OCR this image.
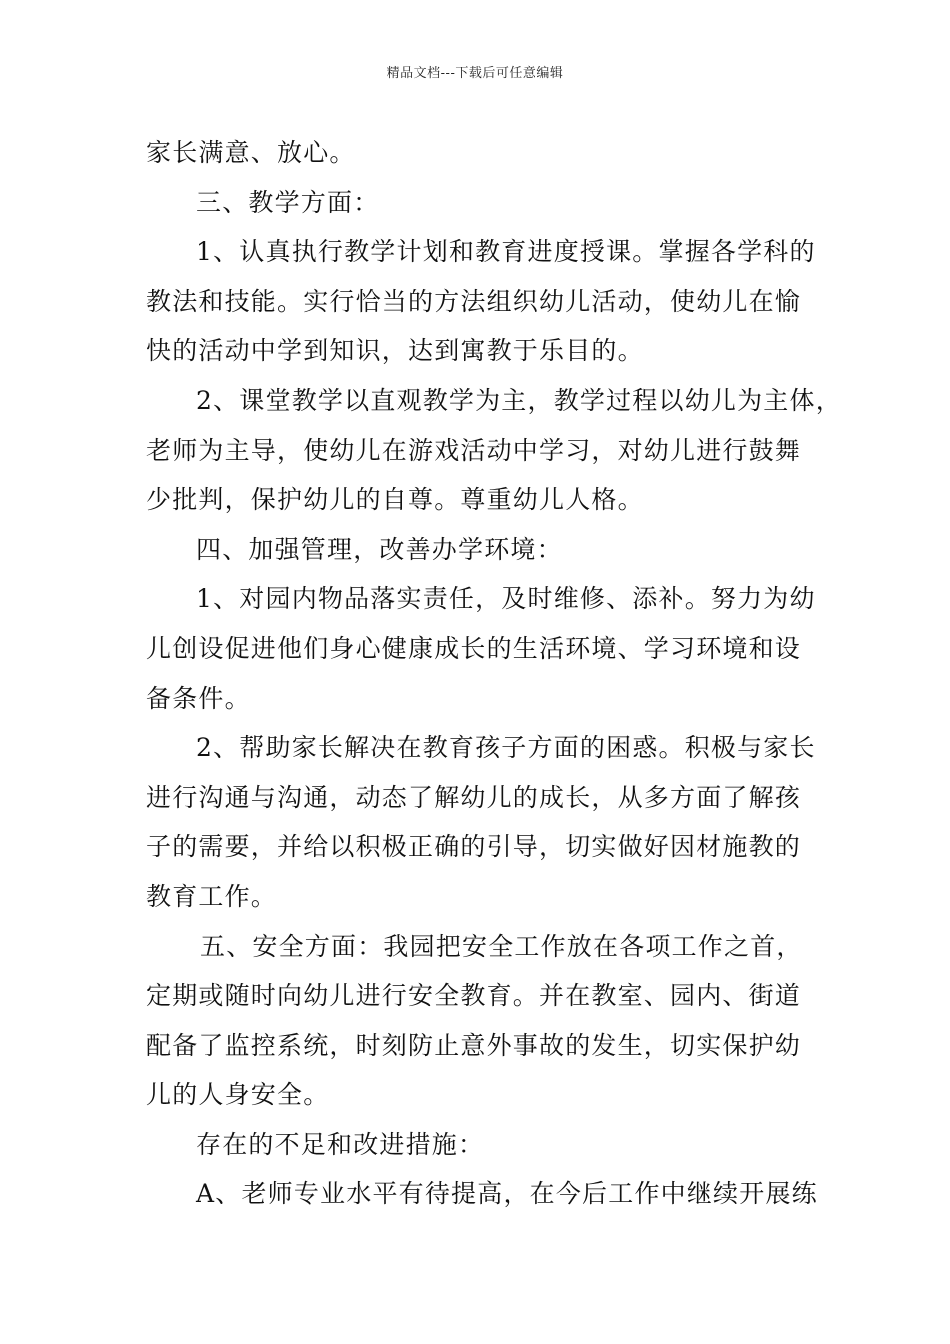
精品文档---下载后可任意编辑
家长满意、放心。
三、教学方面：
1、认真执行教学计划和教育进度授课。掌握各学科的
教法和技能。实行恰当的方法组织幼儿活动，使幼儿在愉
快的活动中学到知识，达到寓教于乐目的。
2、课堂教学以直观教学为主，教学过程以幼儿为主体，
老师为主导，使幼儿在游戏活动中学习，对幼儿进行鼓舞
少批判，保护幼儿的自尊。尊重幼儿人格。
四、加强管理，改善办学环境：
1、对园内物品落实责任，及时维修、添补。努力为幼
儿创设促进他们身心健康成长的生活环境、学习环境和设
备条件。
2、帮助家长解决在教育孩子方面的困惑。积极与家长
进行沟通与沟通，动态了解幼儿的成长，从多方面了解孩
子的需要，并给以积极正确的引导，切实做好因材施教的
教育工作。
五、安全方面：我园把安全工作放在各项工作之首，
定期或随时向幼儿进行安全教育。并在教室、园内、街道
配备了监控系统，时刻防止意外事故的发生，切实保护幼
儿的人身安全。
存在的不足和改进措施：
A、老师专业水平有待提高，在今后工作中继续开展练
